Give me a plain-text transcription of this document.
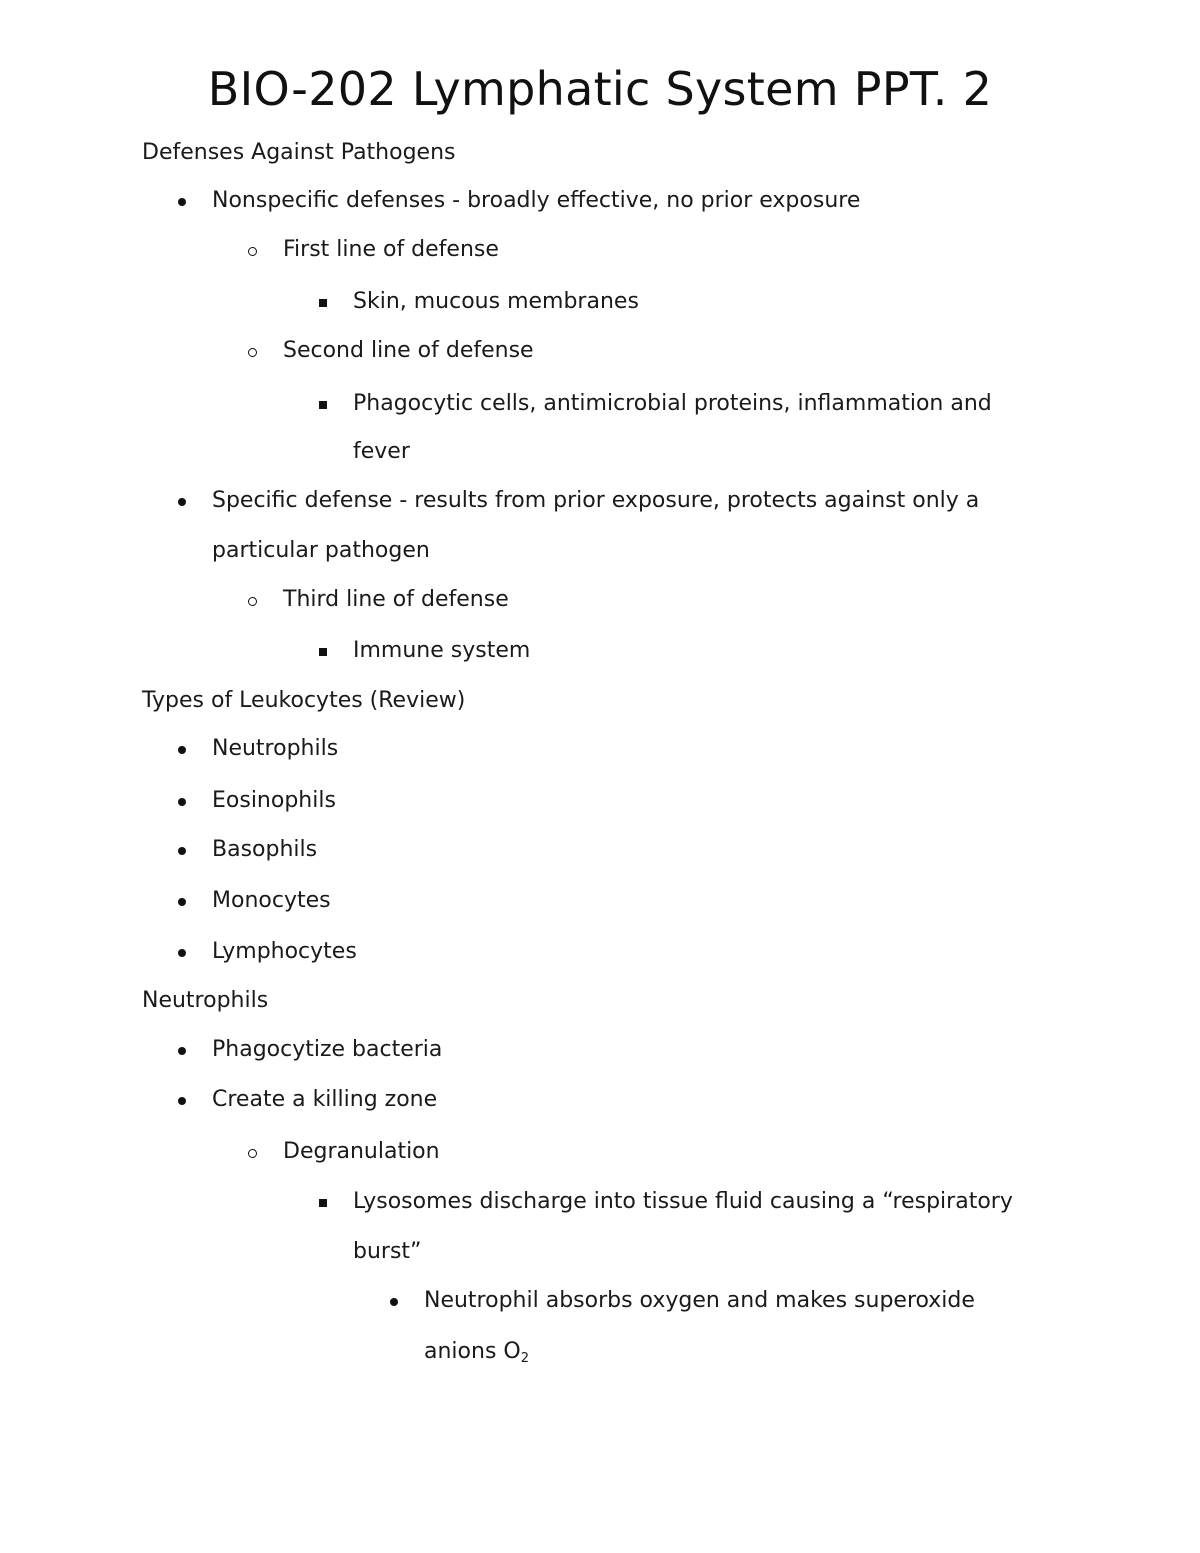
BIO-202 Lymphatic System PPT. 2
Defenses Against Pathogens
Nonspecific defenses - broadly effective, no prior exposure
First line of defense
Skin, mucous membranes
Second line of defense
Phagocytic cells, antimicrobial proteins, inflammation and
fever
Specific defense - results from prior exposure, protects against only a
particular pathogen
Third line of defense
Immune system
Types of Leukocytes (Review)
Neutrophils
Eosinophils
Basophils
Monocytes
Lymphocytes
Neutrophils
Phagocytize bacteria
Create a killing zone
Degranulation
Lysosomes discharge into tissue fluid causing a “respiratory
burst”
Neutrophil absorbs oxygen and makes superoxide
anions $O_2$
